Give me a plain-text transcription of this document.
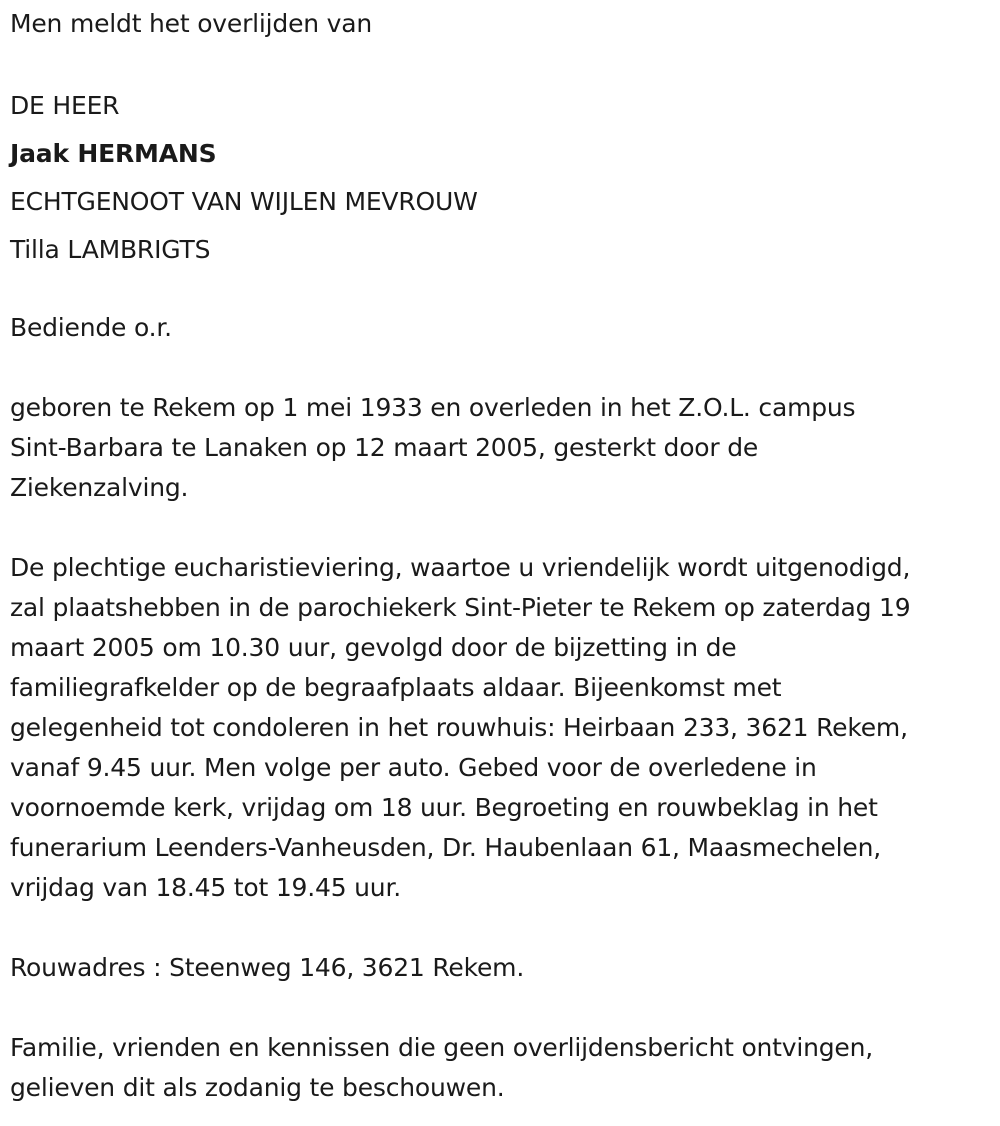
Men meldt het overlijden van
DE HEER
Jaak HERMANS
ECHTGENOOT VAN WIJLEN MEVROUW
Tilla LAMBRIGTS
Bediende o.r.
geboren te Rekem op 1 mei 1933 en overleden in het Z.O.L. campus
Sint-Barbara te Lanaken op 12 maart 2005, gesterkt door de
Ziekenzalving.
De plechtige eucharistieviering, waartoe u vriendelijk wordt uitgenodigd,
zal plaatshebben in de parochiekerk Sint-Pieter te Rekem op zaterdag 19
maart 2005 om 10.30 uur, gevolgd door de bijzetting in de
familiegrafkelder op de begraafplaats aldaar. Bijeenkomst met
gelegenheid tot condoleren in het rouwhuis: Heirbaan 233, 3621 Rekem,
vanaf 9.45 uur. Men volge per auto. Gebed voor de overledene in
voornoemde kerk, vrijdag om 18 uur. Begroeting en rouwbeklag in het
funerarium Leenders-Vanheusden, Dr. Haubenlaan 61, Maasmechelen,
vrijdag van 18.45 tot 19.45 uur.
Rouwadres : Steenweg 146, 3621 Rekem.
Familie, vrienden en kennissen die geen overlijdensbericht ontvingen,
gelieven dit als zodanig te beschouwen.
